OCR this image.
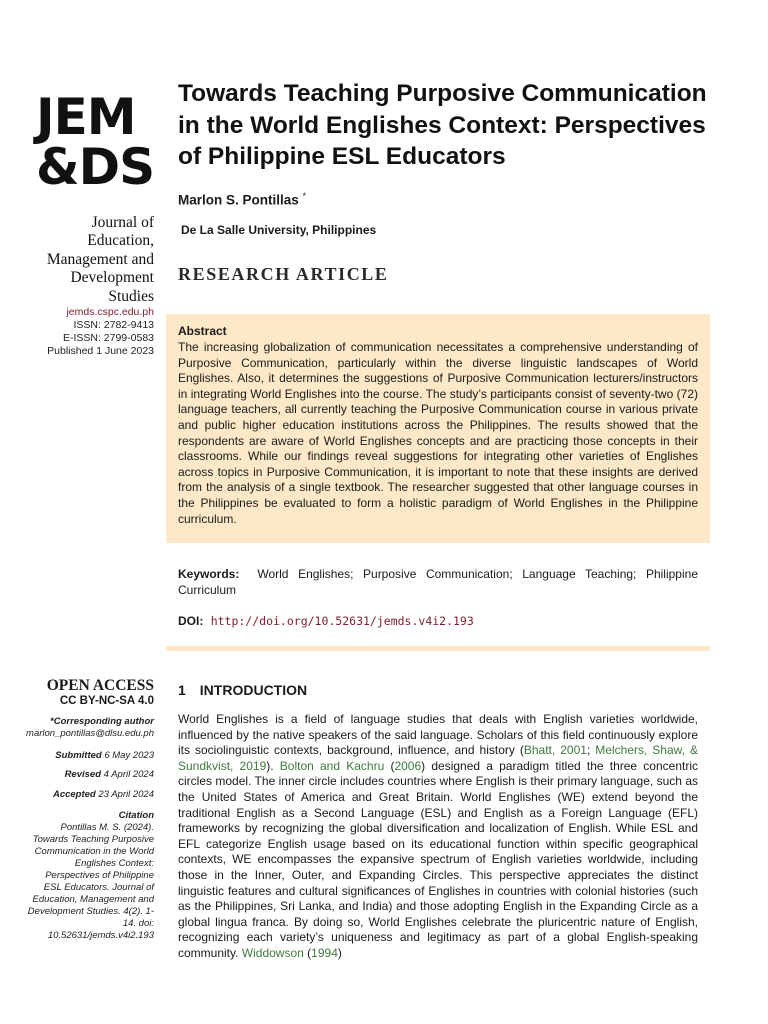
JEM
&DS
Journal of
Education,
Management and
Development
Studies
jemds.cspc.edu.ph
ISSN: 2782-9413
E-ISSN: 2799-0583
Published 1 June 2023
Towards Teaching Purposive Communication in the World Englishes Context: Perspectives of Philippine ESL Educators
Marlon S. Pontillas *
De La Salle University, Philippines
RESEARCH ARTICLE
Abstract
The increasing globalization of communication necessitates a comprehensive understanding of Purposive Communication, particularly within the diverse linguistic landscapes of World Englishes. Also, it determines the suggestions of Purposive Communication lecturers/instructors in integrating World Englishes into the course. The study’s participants consist of seventy-two (72) language teachers, all currently teaching the Purposive Communication course in various private and public higher education institutions across the Philippines. The results showed that the respondents are aware of World Englishes concepts and are practicing those concepts in their classrooms. While our findings reveal suggestions for integrating other varieties of Englishes across topics in Purposive Communication, it is important to note that these insights are derived from the analysis of a single textbook. The researcher suggested that other language courses in the Philippines be evaluated to form a holistic paradigm of World Englishes in the Philippine curriculum.
Keywords: World Englishes; Purposive Communication; Language Teaching; Philippine Curriculum
DOI: http://doi.org/10.52631/jemds.v4i2.193
OPEN ACCESS
CC BY-NC-SA 4.0
*Corresponding author
marlon_pontillas@dlsu.edu.ph
Submitted 6 May 2023
Revised 4 April 2024
Accepted 23 April 2024
Citation
Pontillas M. S. (2024). Towards Teaching Purposive Communication in the World Englishes Context: Perspectives of Philippine ESL Educators. Journal of Education, Management and Development Studies. 4(2). 1-14. doi: 10.52631/jemds.v4i2.193
1 INTRODUCTION
World Englishes is a field of language studies that deals with English varieties worldwide, influenced by the native speakers of the said language. Scholars of this field continuously explore its sociolinguistic contexts, background, influence, and history (Bhatt, 2001; Melchers, Shaw, & Sundkvist, 2019). Bolton and Kachru (2006) designed a paradigm titled the three concentric circles model. The inner circle includes countries where English is their primary language, such as the United States of America and Great Britain. World Englishes (WE) extend beyond the traditional English as a Second Language (ESL) and English as a Foreign Language (EFL) frameworks by recognizing the global diversification and localization of English. While ESL and EFL categorize English usage based on its educational function within specific geographical contexts, WE encompasses the expansive spectrum of English varieties worldwide, including those in the Inner, Outer, and Expanding Circles. This perspective appreciates the distinct linguistic features and cultural significances of Englishes in countries with colonial histories (such as the Philippines, Sri Lanka, and India) and those adopting English in the Expanding Circle as a global lingua franca. By doing so, World Englishes celebrate the pluricentric nature of English, recognizing each variety’s uniqueness and legitimacy as part of a global English-speaking community. Widdowson (1994)
